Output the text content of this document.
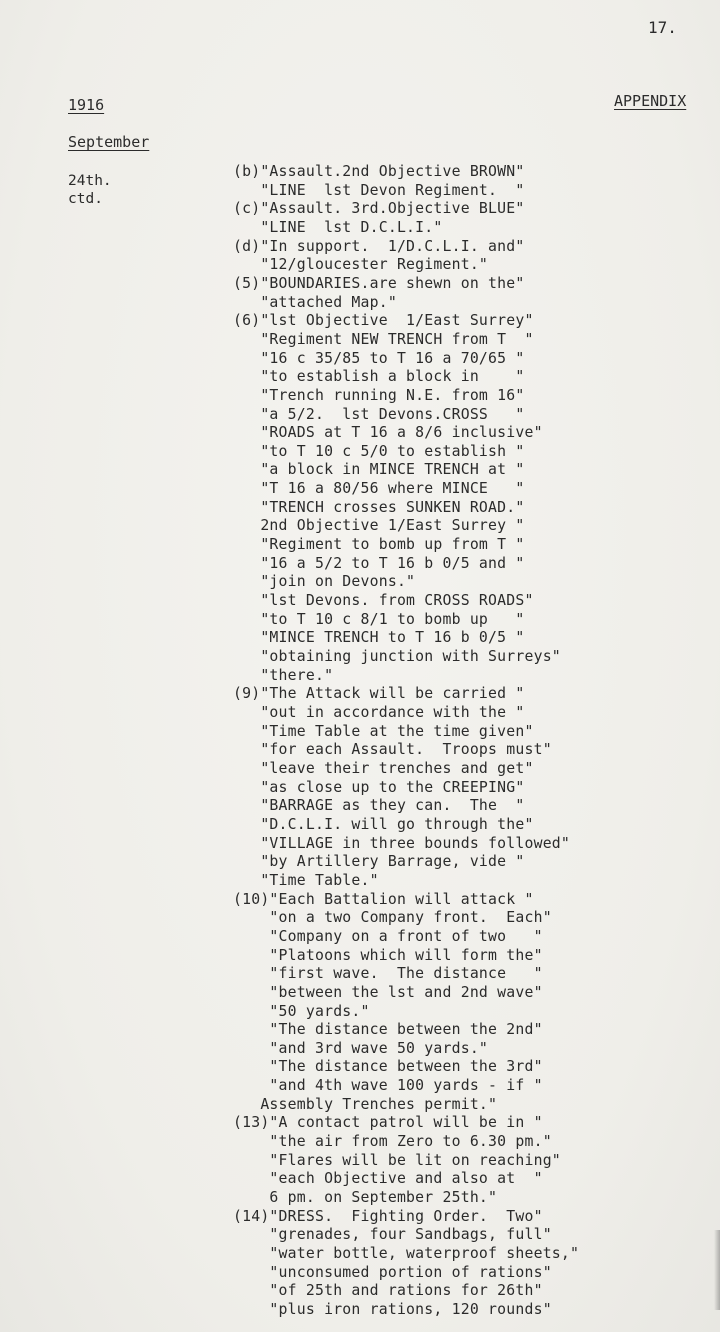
17.
1916	APPENDIX
September
24th.
ctd.
(b)"Assault.2nd Objective BROWN"
"LINE  lst Devon Regiment.  "
(c)"Assault. 3rd.Objective BLUE"
"LINE  lst D.C.L.I."
(d)"In support.  1/D.C.L.I. and"
"12/gloucester Regiment."
(5)"BOUNDARIES.are shewn on the"
"attached Map."
(6)"lst Objective  1/East Surrey"
"Regiment NEW TRENCH from T  "
"16 c 35/85 to T 16 a 70/65 "
"to establish a block in    "
"Trench running N.E. from 16"
"a 5/2.  lst Devons.CROSS   "
"ROADS at T 16 a 8/6 inclusive"
"to T 10 c 5/0 to establish "
"a block in MINCE TRENCH at "
"T 16 a 80/56 where MINCE   "
"TRENCH crosses SUNKEN ROAD."
2nd Objective 1/East Surrey "
"Regiment to bomb up from T "
"16 a 5/2 to T 16 b 0/5 and "
"join on Devons."
"lst Devons. from CROSS ROADS"
"to T 10 c 8/1 to bomb up   "
"MINCE TRENCH to T 16 b 0/5 "
"obtaining junction with Surreys"
"there."
(9)"The Attack will be carried "
"out in accordance with the "
"Time Table at the time given"
"for each Assault.  Troops must"
"leave their trenches and get"
"as close up to the CREEPING"
"BARRAGE as they can.  The  "
"D.C.L.I. will go through the"
"VILLAGE in three bounds followed"
"by Artillery Barrage, vide "
"Time Table."
(10)"Each Battalion will attack "
"on a two Company front.  Each"
"Company on a front of two   "
"Platoons which will form the"
"first wave.  The distance   "
"between the lst and 2nd wave"
"50 yards."
"The distance between the 2nd"
"and 3rd wave 50 yards."
"The distance between the 3rd"
"and 4th wave 100 yards - if "
Assembly Trenches permit."
(13)"A contact patrol will be in "
"the air from Zero to 6.30 pm."
"Flares will be lit on reaching"
"each Objective and also at  "
6 pm. on September 25th."
(14)"DRESS.  Fighting Order.  Two"
"grenades, four Sandbags, full"
"water bottle, waterproof sheets,"
"unconsumed portion of rations"
"of 25th and rations for 26th"
"plus iron rations, 120 rounds"
